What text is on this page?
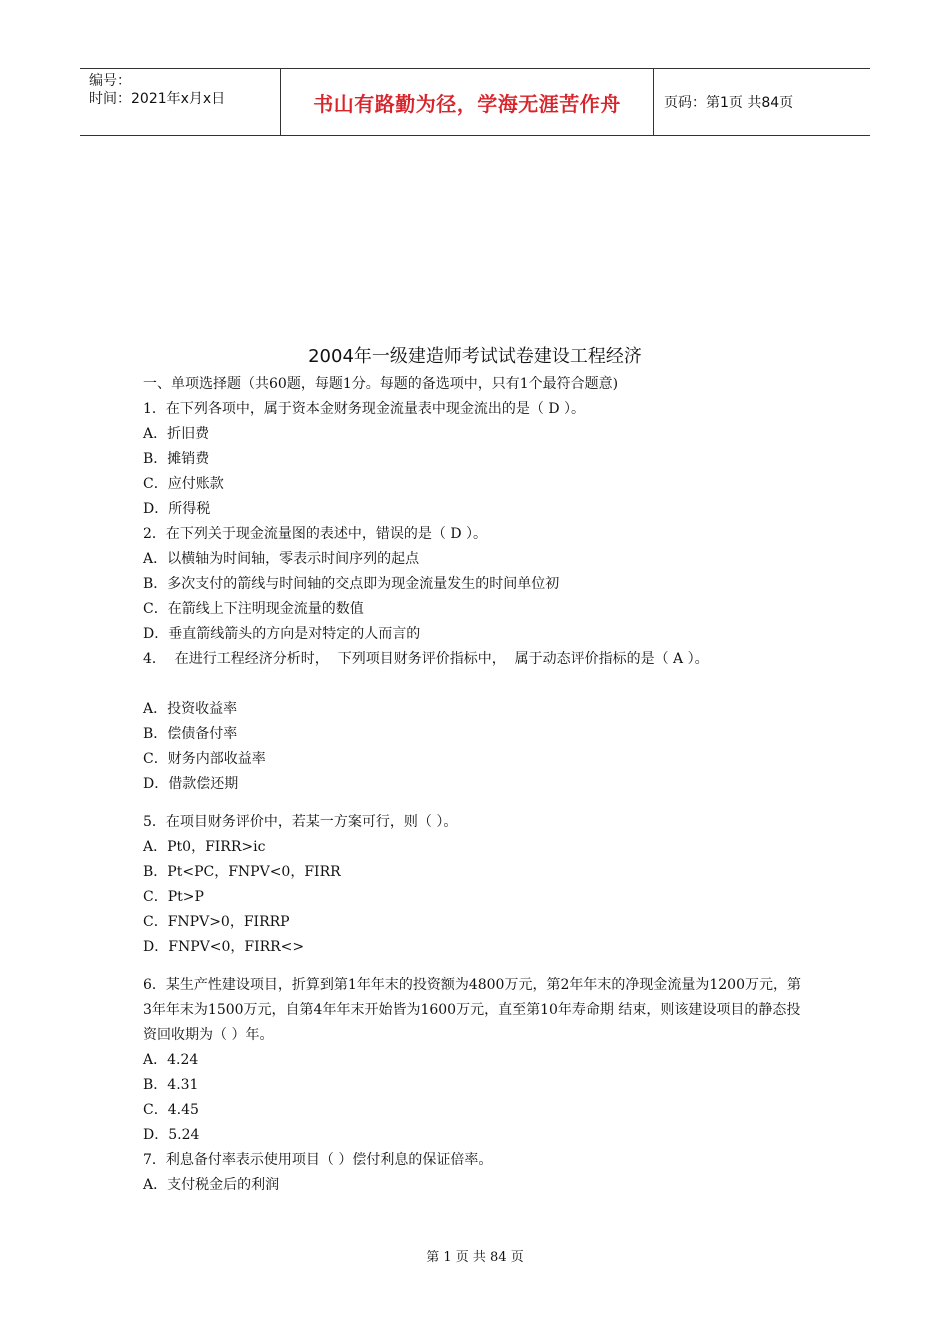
编号：
时间：2021年x月x日	书山有路勤为径，学海无涯苦作舟	页码：第1页 共84页
2004年一级建造师考试试卷建设工程经济

一、单项选择题（共60题，每题1分。每题的备选项中，只有1个最符合题意)

1．在下列各项中，属于资本金财务现金流量表中现金流出的是（ D ）。

A．折旧费

B．摊销费

C．应付账款

D．所得税

2．在下列关于现金流量图的表述中，错误的是（ D ）。

A．以横轴为时间轴，零表示时间序列的起点

B．多次支付的箭线与时间轴的交点即为现金流量发生的时间单位初

C．在箭线上下注明现金流量的数值

D．垂直箭线箭头的方向是对特定的人而言的

4．  在进行工程经济分析时，  下列项目财务评价指标中，  属于动态评价指标的是（ A ）。

A．投资收益率

B．偿债备付率

C．财务内部收益率

D．借款偿还期

5．在项目财务评价中，若某一方案可行，则（ ）。

A．Pt0，FIRR>ic

B．Pt<PC，FNPV<0，FIRR

C．Pt>P

C．FNPV>0，FIRRP

D．FNPV<0，FIRR<>

6．某生产性建设项目，折算到第1年年末的投资额为4800万元，第2年年末的净现金流量为1200万元，第3年年末为1500万元，自第4年年末开始皆为1600万元，直至第10年寿命期 结束，则该建设项目的静态投资回收期为（ ）年。

A．4.24

B．4.31

C．4.45

D．5.24

7．利息备付率表示使用项目（ ）偿付利息的保证倍率。

A．支付税金后的利润

第 1 页 共 84 页
